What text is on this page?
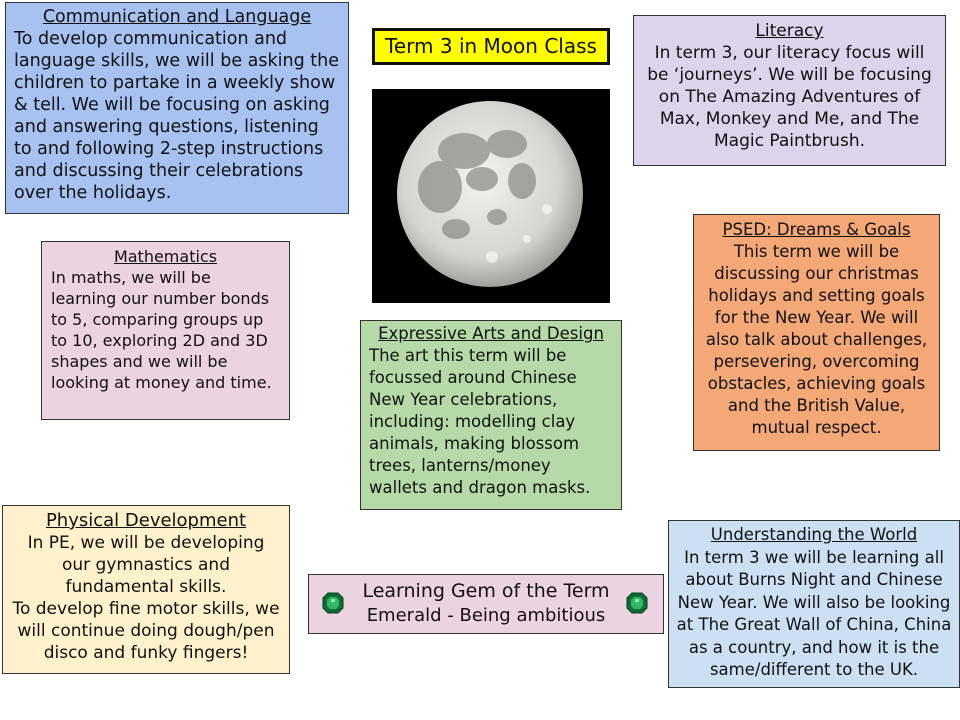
Communication and Language
To develop communication and language skills, we will be asking the children to partake in a weekly show & tell. We will be focusing on asking and answering questions, listening to and following 2-step instructions and discussing their celebrations over the holidays.
Term 3 in Moon Class
Literacy
In term 3, our literacy focus will be ‘journeys’. We will be focusing on The Amazing Adventures of Max, Monkey and Me, and The Magic Paintbrush.
Mathematics
In maths, we will be learning our number bonds to 5, comparing groups up to 10, exploring 2D and 3D shapes and we will be looking at money and time.
PSED: Dreams & Goals
This term we will be discussing our christmas holidays and setting goals for the New Year. We will also talk about challenges, persevering, overcoming obstacles, achieving goals and the British Value, mutual respect.
Expressive Arts and Design
The art this term will be focussed around Chinese New Year celebrations, including: modelling clay animals, making blossom trees, lanterns/money wallets and dragon masks.
Physical Development
In PE, we will be developing our gymnastics and fundamental skills.
To develop fine motor skills, we will continue doing dough/pen disco and funky fingers!
Learning Gem of the Term
Emerald - Being ambitious
Understanding the World
In term 3 we will be learning all about Burns Night and Chinese New Year. We will also be looking at The Great Wall of China, China as a country, and how it is the same/different to the UK.
